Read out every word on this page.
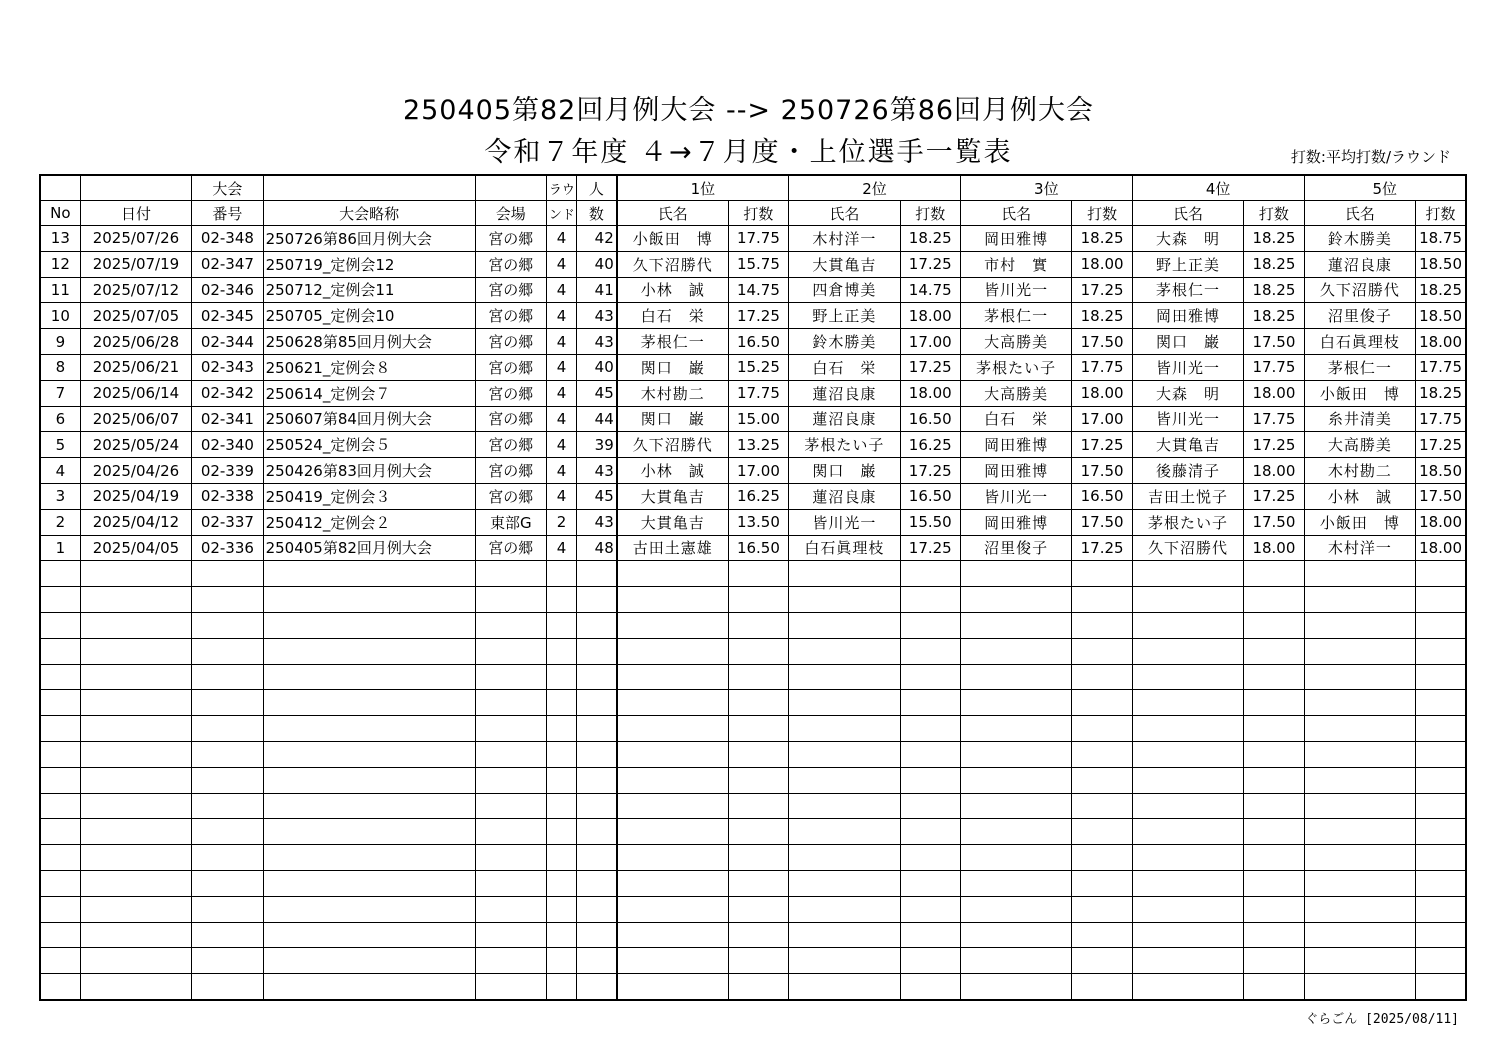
250405第82回月例大会 --> 250726第86回月例大会
令和７年度 ４→７月度・上位選手一覧表	打数:平均打数/ラウンド
		大会			ラウ	人	1位		2位		3位		4位		5位	
No	日付	番号	大会略称	会場	ンド	数	氏名	打数	氏名	打数	氏名	打数	氏名	打数	氏名	打数
13	2025/07/26	02-348	250726第86回月例大会	宮の郷	4	42	小飯田　博	17.75	木村洋一	18.25	岡田雅博	18.25	大森　明	18.25	鈴木勝美	18.75
12	2025/07/19	02-347	250719_定例会12	宮の郷	4	40	久下沼勝代	15.75	大貫亀吉	17.25	市村　實	18.00	野上正美	18.25	蓮沼良康	18.50
11	2025/07/12	02-346	250712_定例会11	宮の郷	4	41	小林　誠	14.75	四倉博美	14.75	皆川光一	17.25	茅根仁一	18.25	久下沼勝代	18.25
10	2025/07/05	02-345	250705_定例会10	宮の郷	4	43	白石　栄	17.25	野上正美	18.00	茅根仁一	18.25	岡田雅博	18.25	沼里俊子	18.50
9	2025/06/28	02-344	250628第85回月例大会	宮の郷	4	43	茅根仁一	16.50	鈴木勝美	17.00	大高勝美	17.50	関口　巌	17.50	白石眞理枝	18.00
8	2025/06/21	02-343	250621_定例会８	宮の郷	4	40	関口　巌	15.25	白石　栄	17.25	茅根たい子	17.75	皆川光一	17.75	茅根仁一	17.75
7	2025/06/14	02-342	250614_定例会７	宮の郷	4	45	木村勘二	17.75	蓮沼良康	18.00	大高勝美	18.00	大森　明	18.00	小飯田　博	18.25
6	2025/06/07	02-341	250607第84回月例大会	宮の郷	4	44	関口　巌	15.00	蓮沼良康	16.50	白石　栄	17.00	皆川光一	17.75	糸井清美	17.75
5	2025/05/24	02-340	250524_定例会５	宮の郷	4	39	久下沼勝代	13.25	茅根たい子	16.25	岡田雅博	17.25	大貫亀吉	17.25	大高勝美	17.25
4	2025/04/26	02-339	250426第83回月例大会	宮の郷	4	43	小林　誠	17.00	関口　巌	17.25	岡田雅博	17.50	後藤清子	18.00	木村勘二	18.50
3	2025/04/19	02-338	250419_定例会３	宮の郷	4	45	大貫亀吉	16.25	蓮沼良康	16.50	皆川光一	16.50	吉田土悦子	17.25	小林　誠	17.50
2	2025/04/12	02-337	250412_定例会２	東部G	2	43	大貫亀吉	13.50	皆川光一	15.50	岡田雅博	17.50	茅根たい子	17.50	小飯田　博	18.00
1	2025/04/05	02-336	250405第82回月例大会	宮の郷	4	48	古田土憲雄	16.50	白石眞理枝	17.25	沼里俊子	17.25	久下沼勝代	18.00	木村洋一	18.00

ぐらごん [2025/08/11]
